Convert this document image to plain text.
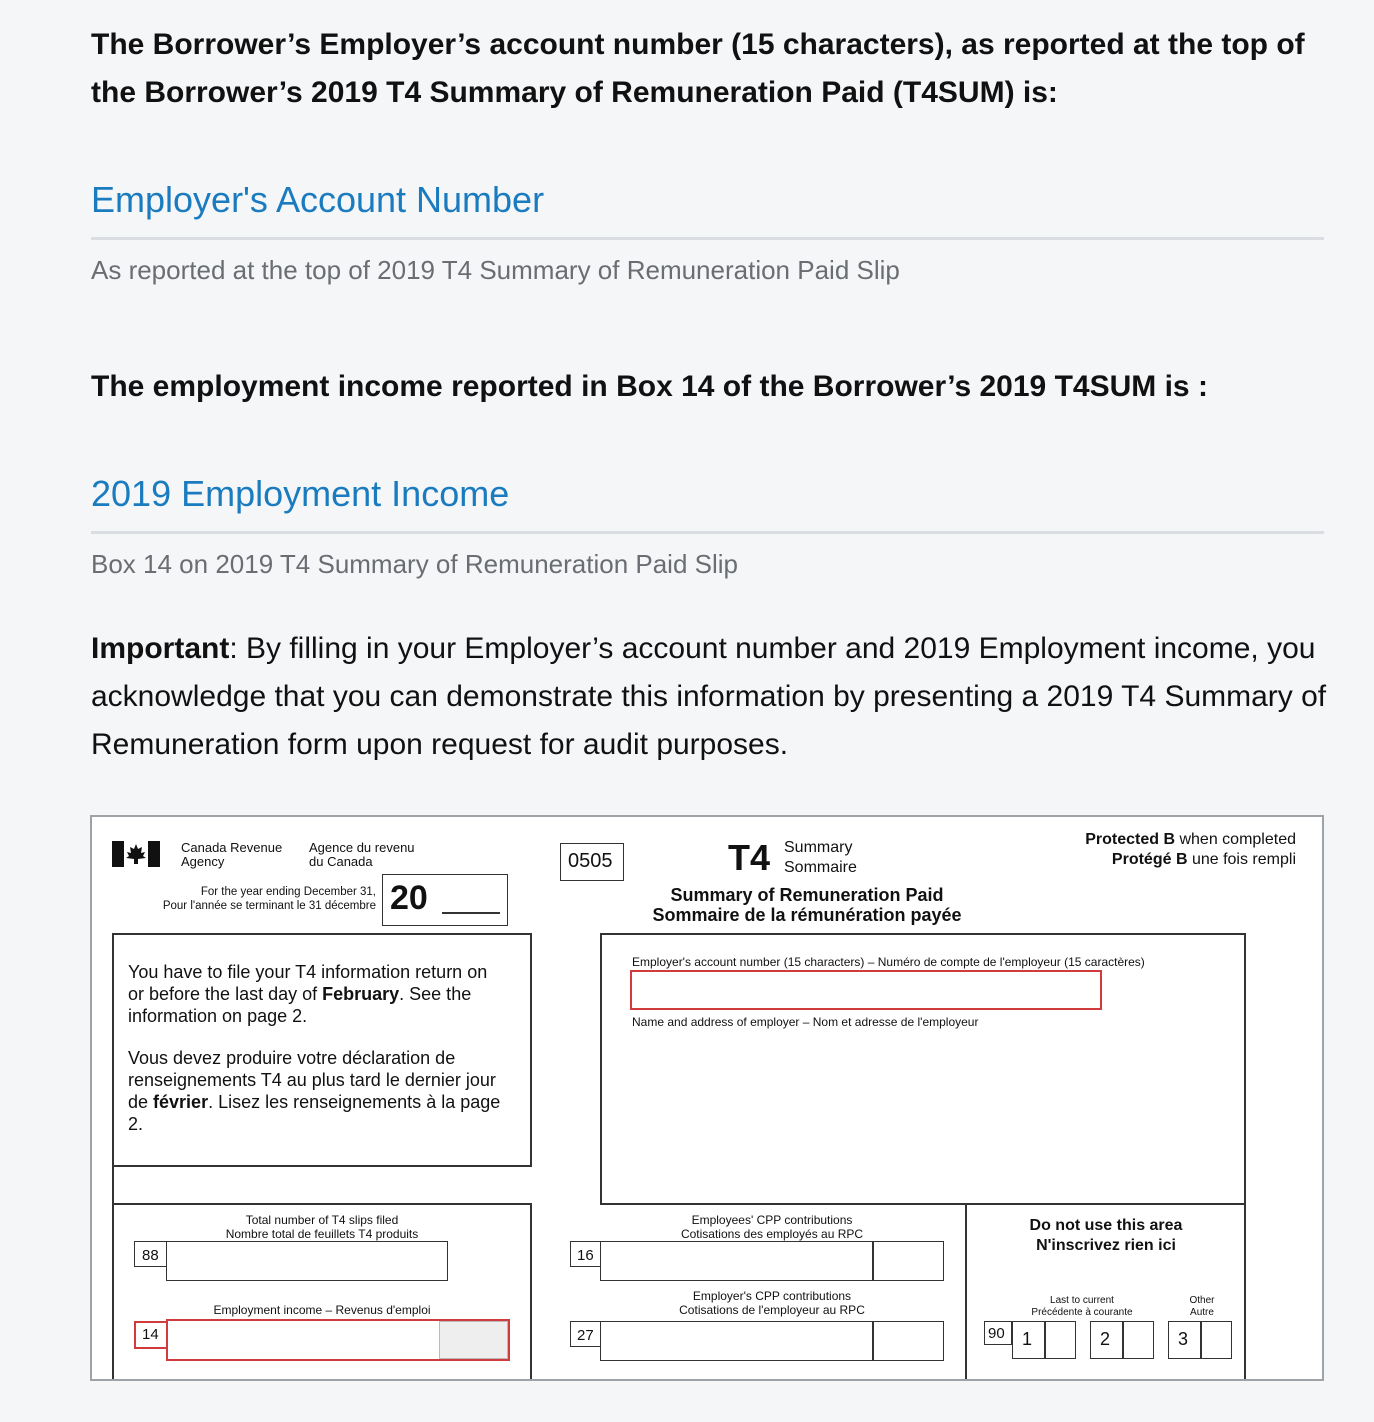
The Borrower’s Employer’s account number (15 characters), as reported at the top of the Borrower’s 2019 T4 Summary of Remuneration Paid (T4SUM) is:
Employer's Account Number
As reported at the top of 2019 T4 Summary of Remuneration Paid Slip
The employment income reported in Box 14 of the Borrower’s 2019 T4SUM is :
2019 Employment Income
Box 14 on 2019 T4 Summary of Remuneration Paid Slip
Important: By filling in your Employer’s account number and 2019 Employment income, you acknowledge that you can demonstrate this information by presenting a 2019 T4 Summary of Remuneration form upon request for audit purposes.
Canada Revenue
Agency
Agence du revenu
du Canada
For the year ending December 31,
Pour l'année se terminant le 31 décembre 20
0505	T4 Summary
Sommaire
Summary of Remuneration Paid
Sommaire de la rémunération payée
Protected B when completed
Protégé B une fois rempli
You have to file your T4 information return on or before the last day of February. See the information on page 2.
Vous devez produire votre déclaration de renseignements T4 au plus tard le dernier jour de février. Lisez les renseignements à la page 2.
Employer's account number (15 characters) – Numéro de compte de l'employeur (15 caractères)
Name and address of employer – Nom et adresse de l'employeur
Total number of T4 slips filed
Nombre total de feuillets T4 produits
88
Employment income – Revenus d'emploi
14
Employees' CPP contributions
Cotisations des employés au RPC
16
Employer's CPP contributions
Cotisations de l'employeur au RPC
27
Do not use this area
N'inscrivez rien ici
Last to current
Précédente à courante
Other
Autre
90 1	2	3
